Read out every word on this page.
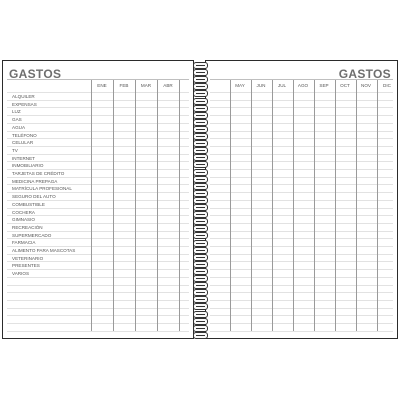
GASTOS
ENE	FEB	MAR	ABR
ALQUILER
EXPENSAS
LUZ
GAS
AGUA
TELÉFONO
CELULAR
TV
INTERNET
INMOBILIARIO
TARJETAS DE CRÉDITO
MEDICINA PREPAGA
MATRÍCULA PROFESIONAL
SEGURO DEL AUTO
COMBUSTIBLE
COCHERA
GIMNASIO
RECREACIÓN
SUPERMERCADO
FARMACIA
ALIMENTO PARA MASCOTAS
VETERINARIO
PRESENTES
VARIOS
GASTOS
MAY	JUN	JUL	AGO	SEP	OCT	NOV	DIC
